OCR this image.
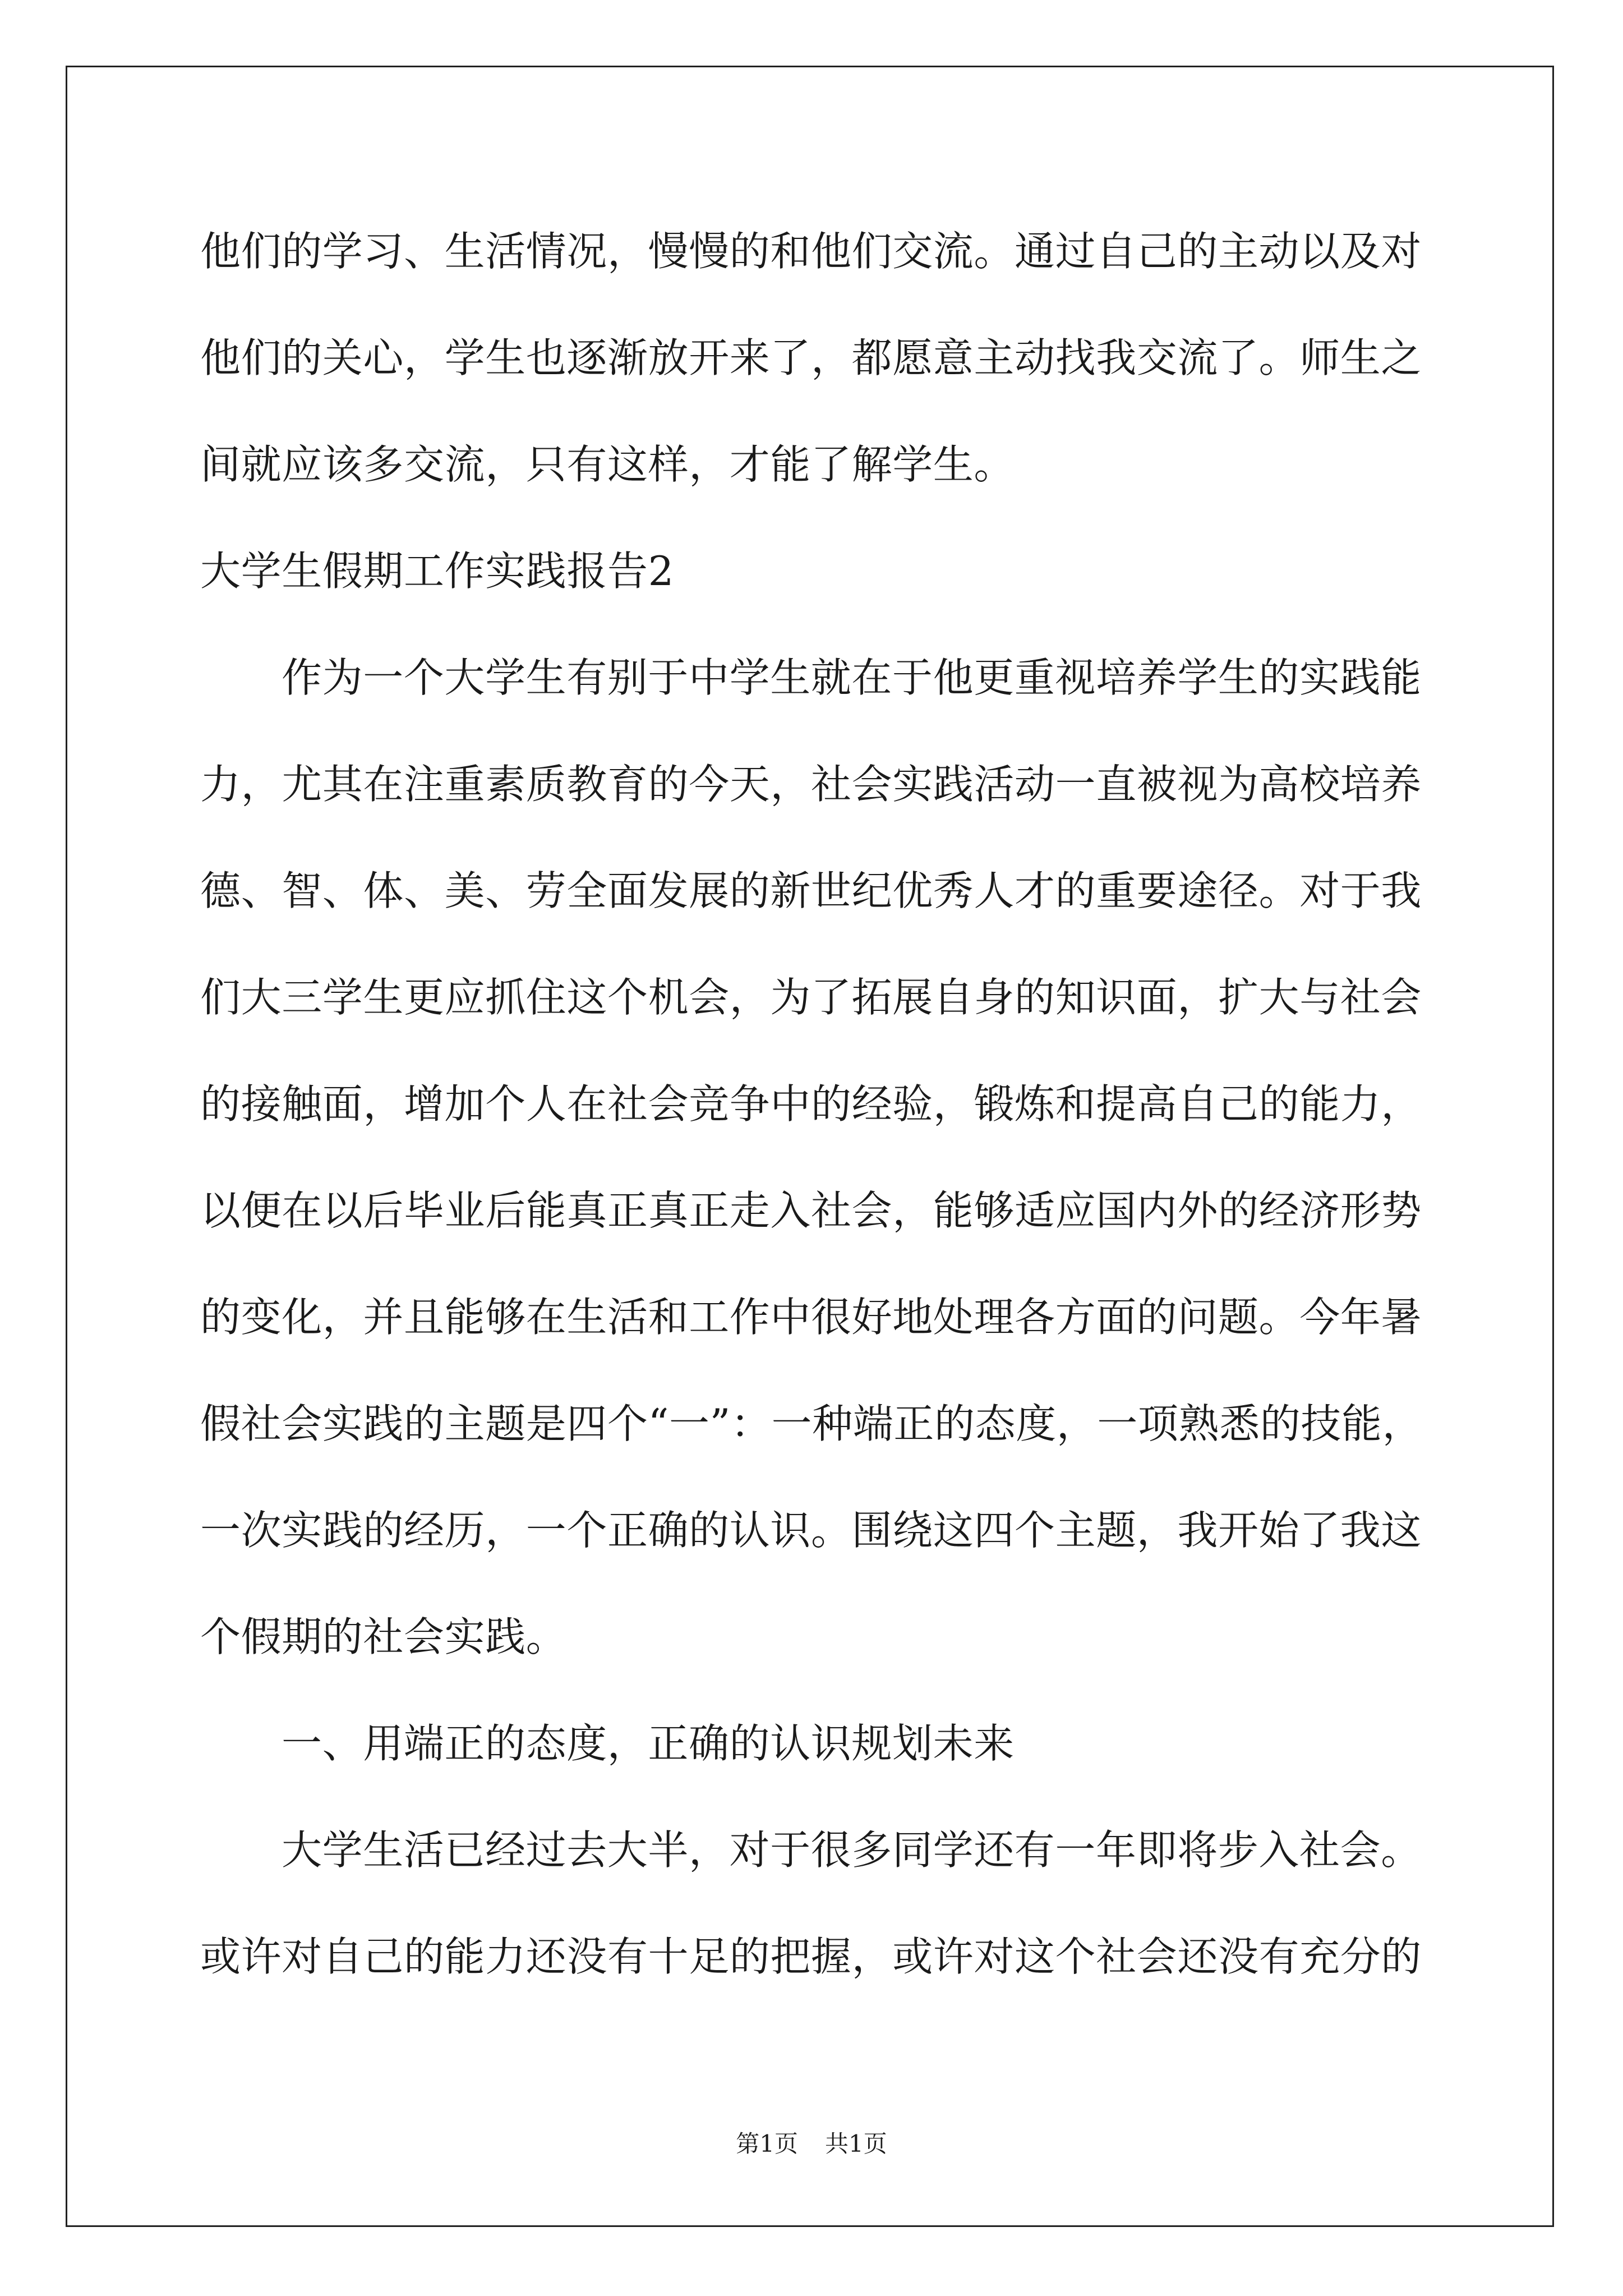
他们的学习、生活情况，慢慢的和他们交流。通过自己的主动以及对
他们的关心，学生也逐渐放开来了，都愿意主动找我交流了。师生之
间就应该多交流，只有这样，才能了解学生。
大学生假期工作实践报告2
作为一个大学生有别于中学生就在于他更重视培养学生的实践能
力，尤其在注重素质教育的今天，社会实践活动一直被视为高校培养
德、智、体、美、劳全面发展的新世纪优秀人才的重要途径。对于我
们大三学生更应抓住这个机会，为了拓展自身的知识面，扩大与社会
的接触面，增加个人在社会竞争中的经验，锻炼和提高自己的能力，
以便在以后毕业后能真正真正走入社会，能够适应国内外的经济形势
的变化，并且能够在生活和工作中很好地处理各方面的问题。今年暑
假社会实践的主题是四个“一”：一种端正的态度，一项熟悉的技能，
一次实践的经历，一个正确的认识。围绕这四个主题，我开始了我这
个假期的社会实践。
一、用端正的态度，正确的认识规划未来
大学生活已经过去大半，对于很多同学还有一年即将步入社会。
或许对自己的能力还没有十足的把握，或许对这个社会还没有充分的
第1页 共1页
